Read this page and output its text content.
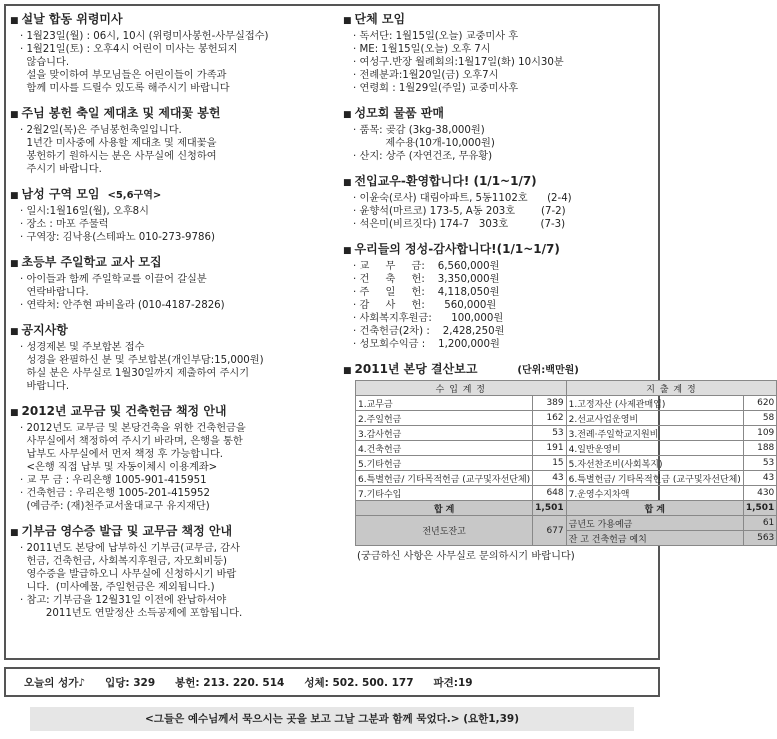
■ 설날 합동 위령미사
· 1월23일(월) : 06시, 10시 (위령미사봉헌-사무실접수)
· 1월21일(토) : 오후4시 어린이 미사는 봉헌되지
않습니다.
설을 맞이하여 부모님들은 어린이들이 가족과
함께 미사를 드릴수 있도록 해주시기 바랍니다
■ 주님 봉헌 축일 제대초 및 제대꽃 봉헌
· 2월2일(목)은 주님봉헌축일입니다.
1년간 미사중에 사용할 제대초 및 제대꽃을
봉헌하기 원하시는 분은 사무실에 신청하여
주시기 바랍니다.
■ 남성 구역 모임 <5,6구역>
· 일시:1월16일(월), 오후8시
· 장소 : 마포 주물럭
· 구역장: 김낙용(스테파노 010-273-9786)
■ 초등부 주일학교 교사 모집
· 아이들과 함께 주일학교를 이끌어 갈실분
연락바랍니다.
· 연락처: 안주현 파비올라 (010-4187-2826)
■ 공지사항
· 성경제본 및 주보합본 접수
성경을 완필하신 분 및 주보합본(개인부담:15,000원)
하실 분은 사무실로 1월30일까지 제출하여 주시기
바랍니다.
■ 2012년 교무금 및 건축헌금 책정 안내
· 2012년도 교무금 및 본당건축을 위한 건축헌금을
사무실에서 책정하여 주시기 바라며, 은행을 통한
납부도 사무실에서 먼저 책정 후 가능합니다.
<은행 직접 납부 및 자동이체시 이용계좌>
· 교 무 금 : 우리은행 1005-901-415951
· 건축헌금 : 우리은행 1005-201-415952
(예금주: (재)천주교서울대교구 유지재단)
■ 기부금 영수증 발급 및 교무금 책정 안내
· 2011년도 본당에 납부하신 기부금(교무금, 감사
헌금, 건축헌금, 사회복지후원금, 자모회비등)
영수증을 발급하오니 사무실에 신청하시기 바랍
니다.  (미사예물, 주일헌금은 제외됩니다.)
· 참고: 기부금을 12월31일 이전에 완납하셔야
2011년도 연말정산 소득공제에 포함됩니다.
■ 단체 모임
· 독서단: 1월15일(오늘) 교중미사 후
· ME: 1월15일(오늘) 오후 7시
· 여성구.반장 월례회의:1월17일(화) 10시30분
· 전례분과:1월20일(금) 오후7시
· 연령회 : 1월29일(주일) 교중미사후
■ 성모회 물품 판매
· 품목: 곶감 (3kg-38,000원)
제수용(10개-10,000원)
· 산지: 상주 (자연건조, 무유황)
■ 전입교우-환영합니다! (1/1~1/7)
· 이윤숙(로사) 대림아파트, 5동1102호      (2-4)
· 윤향석(마르코) 173-5, A동 203호        (7-2)
· 석은미(비르짓다) 174-7   303호          (7-3)
■ 우리들의 정성-감사합니다!(1/1~1/7)
· 교     무     금:    6,560,000원
· 건     축     헌:    3,350,000원
· 주     일     헌:    4,118,050원
· 감     사     헌:      560,000원
· 사회복지후원금:      100,000원
· 건축헌금(2차) :    2,428,250원
· 성모회수익금 :    1,200,000원
■ 2011년 본당 결산보고	(단위:백만원)
수 입 계 정		지 출 계 정	
1.교무금	389	1.고정자산 (사제관매입)	620
2.주일헌금	162	2.선교사업운영비	58
3.감사헌금	53	3.전례·주일학교지원비	109
4.건축헌금	191	4.일반운영비	188
5.기타헌금	15	5.자선찬조비(사회복지)	53
6.특별헌금/ 기타목적헌금 (교구및자선단체)	43	6.특별헌금/ 기타목적헌금 (교구및자선단체)	43
7.기타수입	648	7.운영수지차액	430
합 계	1,501	합 계	1,501
전년도잔고	677	금년도 가용예금	61
		잔 고 건축헌금 예치	563
(궁금하신 사항은 사무실로 문의하시기 바랍니다)
오늘의 성가♪ 입당: 329 봉헌: 213. 220. 514 성체: 502. 500. 177 파견:19
<그들은 예수님께서 묵으시는 곳을 보고 그날 그분과 함께 묵었다.> (요한1,39)
